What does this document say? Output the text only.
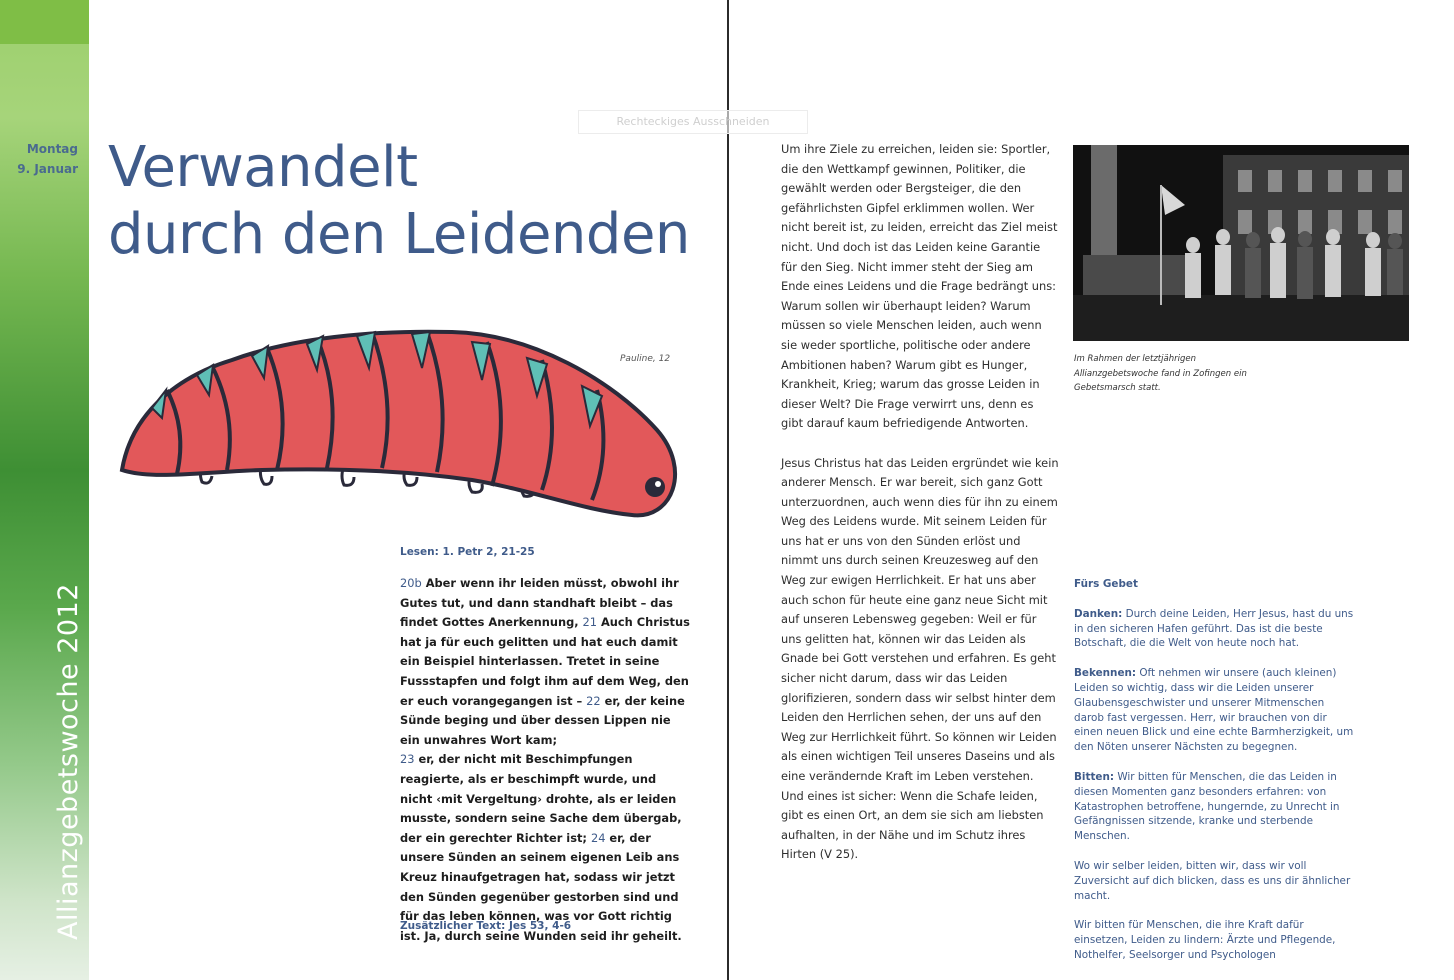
Allianzgebetswoche 2012
Montag
9. Januar Verwandelt
durch den Leidenden
Rechteckiges Ausschneiden
Pauline, 12
Lesen: 1. Petr 2, 21-25

20b Aber wenn ihr leiden müsst, obwohl ihr Gutes tut, und dann standhaft bleibt – das findet Gottes Anerkennung, 21 Auch Christus hat ja für euch gelitten und hat euch damit ein Beispiel hinterlassen. Tretet in seine Fussstapfen und folgt ihm auf dem Weg, den er euch vorangegangen ist – 22 er, der keine Sünde beging und über dessen Lippen nie ein unwahres Wort kam;
23 er, der nicht mit Beschimpfungen reagierte, als er beschimpft wurde, und nicht ‹mit Vergeltung› drohte, als er leiden musste, sondern seine Sache dem übergab, der ein gerechter Richter ist; 24 er, der unsere Sünden an seinem eigenen Leib ans Kreuz hinaufgetragen hat, sodass wir jetzt den Sünden gegenüber gestorben sind und für das leben können, was vor Gott richtig ist. Ja, durch seine Wunden seid ihr geheilt.

Zusätzlicher Text: Jes 53, 4-6

Um ihre Ziele zu erreichen, leiden sie: Sportler, die den Wettkampf gewinnen, Politiker, die gewählt werden oder Bergsteiger, die den gefährlichsten Gipfel erklimmen wollen. Wer nicht bereit ist, zu leiden, erreicht das Ziel meist nicht. Und doch ist das Leiden keine Garantie für den Sieg. Nicht immer steht der Sieg am Ende eines Leidens und die Frage bedrängt uns: Warum sollen wir überhaupt leiden? Warum müssen so viele Menschen leiden, auch wenn sie weder sportliche, politische oder andere Ambitionen haben? Warum gibt es Hunger, Krankheit, Krieg; warum das grosse Leiden in dieser Welt? Die Frage verwirrt uns, denn es gibt darauf kaum befriedigende Antworten.

Jesus Christus hat das Leiden ergründet wie kein anderer Mensch. Er war bereit, sich ganz Gott unterzuordnen, auch wenn dies für ihn zu einem Weg des Leidens wurde. Mit seinem Leiden für uns hat er uns von den Sünden erlöst und nimmt uns durch seinen Kreuzesweg auf den Weg zur ewigen Herrlichkeit. Er hat uns aber auch schon für heute eine ganz neue Sicht mit auf unseren Lebensweg gegeben: Weil er für uns gelitten hat, können wir das Leiden als Gnade bei Gott verstehen und erfahren. Es geht sicher nicht darum, dass wir das Leiden glorifizieren, sondern dass wir selbst hinter dem Leiden den Herrlichen sehen, der uns auf den Weg zur Herrlichkeit führt. So können wir Leiden als einen wichtigen Teil unseres Daseins und als eine verändernde Kraft im Leben verstehen. Und eines ist sicher: Wenn die Schafe leiden, gibt es einen Ort, an dem sie sich am liebsten aufhalten, in der Nähe und im Schutz ihres Hirten (V 25).

Im Rahmen der letztjährigen Allianzgebetswoche fand in Zofingen ein Gebetsmarsch statt.

Fürs Gebet

Danken: Durch deine Leiden, Herr Jesus, hast du uns in den sicheren Hafen geführt. Das ist die beste Botschaft, die die Welt von heute noch hat.

Bekennen: Oft nehmen wir unsere (auch kleinen) Leiden so wichtig, dass wir die Leiden unserer Glaubensgeschwister und unserer Mitmenschen darob fast vergessen. Herr, wir brauchen von dir einen neuen Blick und eine echte Barmherzigkeit, um den Nöten unserer Nächsten zu begegnen.

Bitten: Wir bitten für Menschen, die das Leiden in diesen Momenten ganz besonders erfahren: von Katastrophen betroffene, hungernde, zu Unrecht in Gefängnissen sitzende, kranke und sterbende Menschen.

Wo wir selber leiden, bitten wir, dass wir voll Zuversicht auf dich blicken, dass es uns dir ähnlicher macht.

Wir bitten für Menschen, die ihre Kraft dafür einsetzen, Leiden zu lindern: Ärzte und Pflegende, Nothelfer, Seelsorger und Psychologen
